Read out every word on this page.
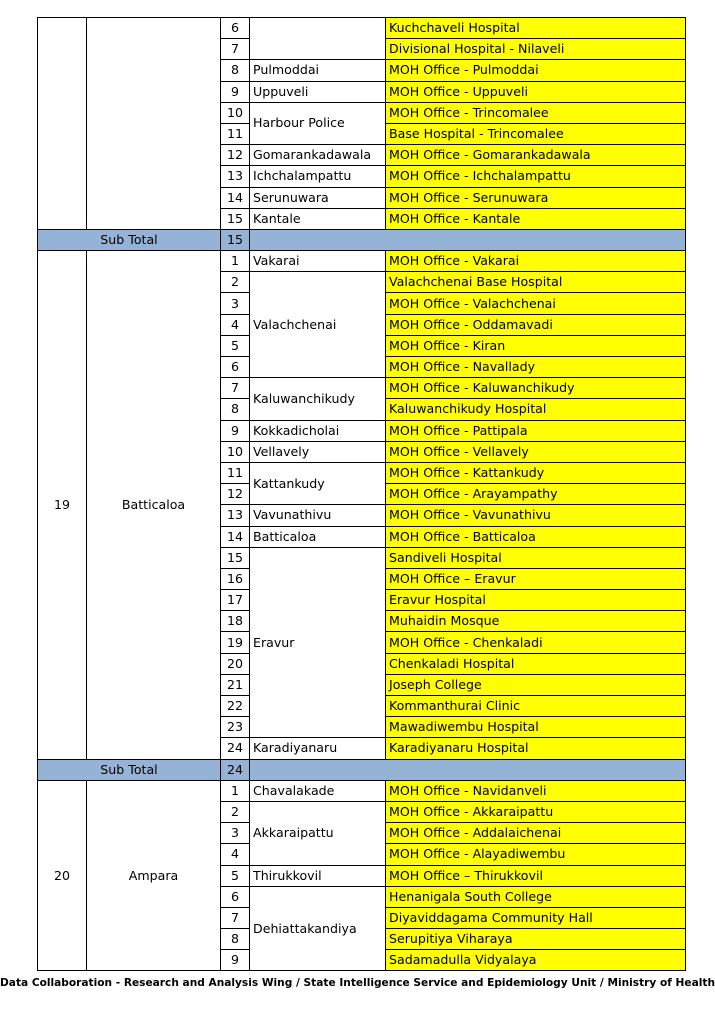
		6		Kuchchaveli Hospital
		7		Divisional Hospital - Nilaveli
		8	Pulmoddai	MOH Office - Pulmoddai
		9	Uppuveli	MOH Office - Uppuveli
		10	Harbour Police	MOH Office - Trincomalee
		11		Base Hospital - Trincomalee
		12	Gomarankadawala	MOH Office - Gomarankadawala
		13	Ichchalampattu	MOH Office - Ichchalampattu
		14	Serunuwara	MOH Office - Serunuwara
		15	Kantale	MOH Office - Kantale
Sub Total		15		
19	Batticaloa	1	Vakarai	MOH Office - Vakarai
		2	Valachchenai	Valachchenai Base Hospital
		3		MOH Office - Valachchenai
		4		MOH Office - Oddamavadi
		5		MOH Office - Kiran
		6		MOH Office - Navallady
		7	Kaluwanchikudy	MOH Office - Kaluwanchikudy
		8		Kaluwanchikudy Hospital
		9	Kokkadicholai	MOH Office - Pattipala
		10	Vellavely	MOH Office - Vellavely
		11	Kattankudy	MOH Office - Kattankudy
		12		MOH Office - Arayampathy
		13	Vavunathivu	MOH Office - Vavunathivu
		14	Batticaloa	MOH Office - Batticaloa
		15	Eravur	Sandiveli Hospital
		16		MOH Office – Eravur
		17		Eravur Hospital
		18		Muhaidin Mosque
		19		MOH Office - Chenkaladi
		20		Chenkaladi Hospital
		21		Joseph College
		22		Kommanthurai Clinic
		23		Mawadiwembu Hospital
		24	Karadiyanaru	Karadiyanaru Hospital
Sub Total		24		
20	Ampara	1	Chavalakade	MOH Office - Navidanveli
		2	Akkaraipattu	MOH Office - Akkaraipattu
		3		MOH Office - Addalaichenai
		4		MOH Office - Alayadiwembu
		5	Thirukkovil	MOH Office – Thirukkovil
		6	Dehiattakandiya	Henanigala South College
		7		Diyaviddagama Community Hall
		8		Serupitiya Viharaya
		9		Sadamadulla Vidyalaya
Data Collaboration - Research and Analysis Wing / State Intelligence Service and Epidemiology Unit / Ministry of Health
